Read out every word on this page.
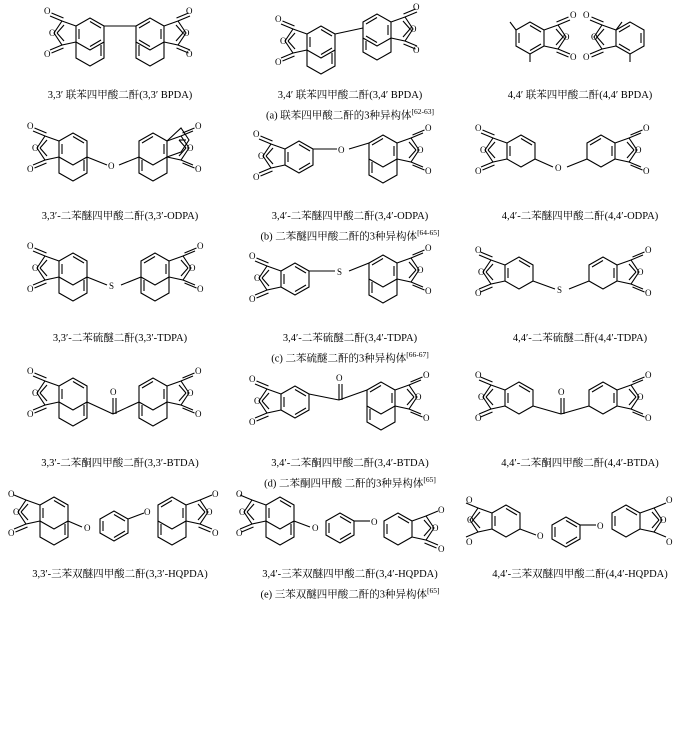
O
O
O
O
O
O
3,3′ 联苯四甲酸二酐(3,3′ BPDA)
O
O
O
O
O
O
3,4′ 联苯四甲酸二酐(3,4′ BPDA)
O
O
O
O
O O
4,4′ 联苯四甲酸二酐(4,4′ BPDA)
(a) 联苯四甲酸二酐的3种异构体[62-63]
O
O
O
O
O	O
O
3,3′-二苯醚四甲酸二酐(3,3′-ODPA)
O
O
O
O
O
O
O
3,4′-二苯醚四甲酸二酐(3,4′-ODPA)
O
O
O
O
O	O
O
4,4′-二苯醚四甲酸二酐(4,4′-ODPA)
(b) 二苯醚四甲酸二酐的3种异构体[64-65]
O
O
O
O
O	O
S
3,3′-二苯硫醚二酐(3,3′-TDPA)
O
O
O
O
O
O
S
3,4′-二苯硫醚二酐(3,4′-TDPA)
O
O
O
O
O	O
S
4,4′-二苯硫醚二酐(4,4′-TDPA)
(c) 二苯硫醚二酐的3种异构体[66-67]
O
O
O
O
O	O
O
3,3′-二苯酮四甲酸二酐(3,3′-BTDA)
O
O
O
O
O	O
O
3,4′-二苯酮四甲酸二酐(3,4′-BTDA)
O
O
O
O
O	O
O
4,4′-二苯酮四甲酸二酐(4,4′-BTDA)
(d) 二苯酮四甲酸 二酐的3种异构体[65]
O
O
O
O
O	O
O
O
3,3′-三苯双醚四甲酸二酐(3,3′-HQPDA)
O
O
O
O
O
O
O
O
3,4′-三苯双醚四甲酸二酐(3,4′-HQPDA)
O
O
O
O
O	O
O
O
4,4′-三苯双醚四甲酸二酐(4,4′-HQPDA)
(e) 三苯双醚四甲酸二酐的3种异构体[65]
